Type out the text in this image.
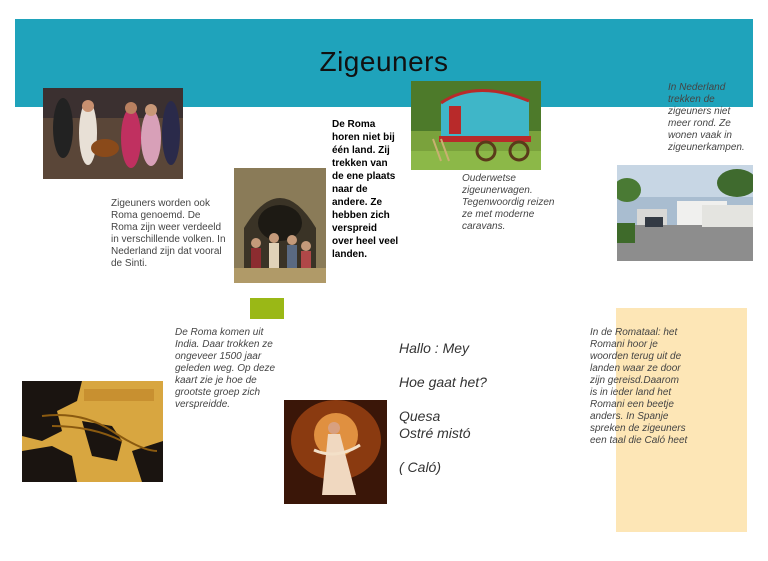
Zigeuners
Zigeuners worden ook
Roma genoemd. De
Roma zijn weer verdeeld
in verschillende volken. In
Nederland zijn dat vooral
de Sinti.
De Roma
horen niet bij
één land. Zij
trekken van
de ene plaats
naar de
andere. Ze
hebben zich
verspreid
over heel veel
landen.
Ouderwetse
zigeunerwagen.
Tegenwoordig reizen
ze met moderne
caravans.
In Nederland
trekken de
zigeuners niet
meer rond. Ze
wonen vaak in
zigeunerkampen.
De Roma komen uit
India. Daar trokken ze
ongeveer 1500 jaar
geleden weg. Op deze
kaart zie je hoe de
grootste groep zich
verspreidde.
Hallo : Mey
Hoe gaat het?
Quesa
Ostré mistó
( Caló)
In de Romataal: het
Romani hoor je
woorden terug uit de
landen waar ze door
zijn gereisd.Daarom
is in ieder land het
Romani een beetje
anders. In Spanje
spreken de zigeuners
een taal die Caló heet
